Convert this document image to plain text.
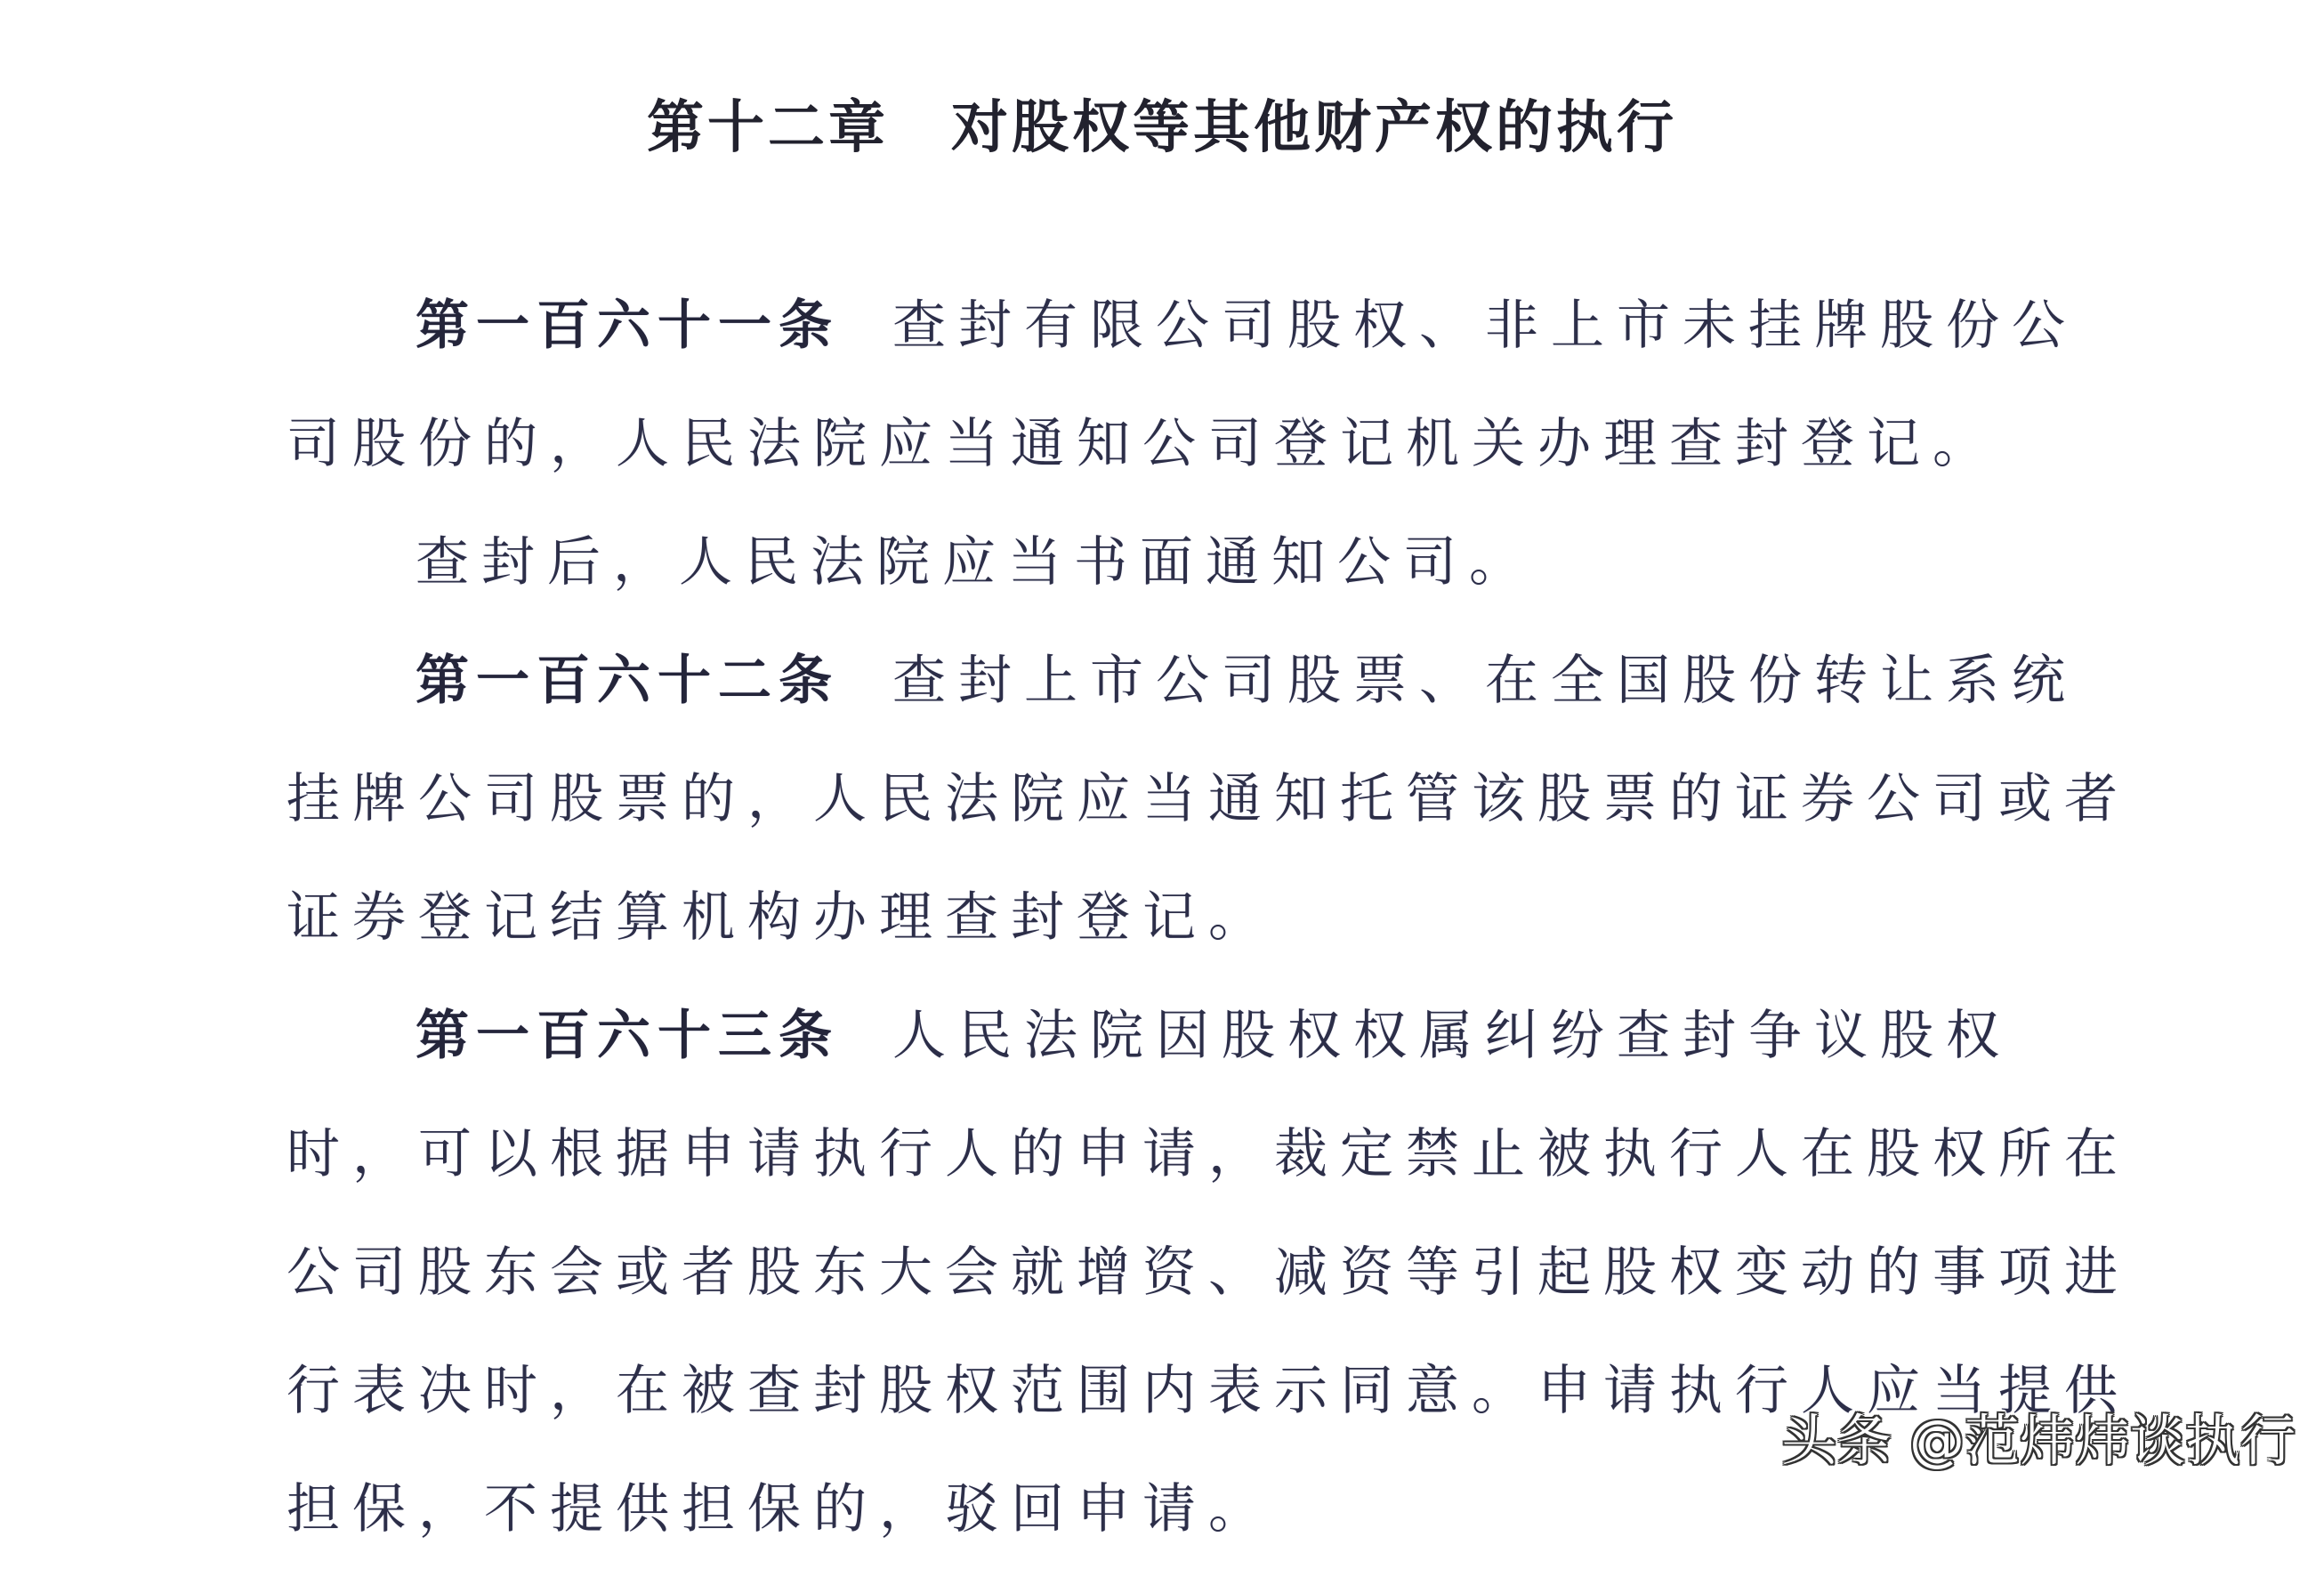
第十二章 对股权等其他财产权的执行
第一百六十一条 查封有限公司股权、非上市未挂牌股份公
司股份的，人民法院应当通知公司登记机关办理查封登记。
查封后，人民法院应当书面通知公司。
第一百六十二条 查封上市公司股票、在全国股份转让系统
挂牌公司股票的，人民法院应当通知托管该股票的证券公司或者
证券登记结算机构办理查封登记。
第一百六十三条 人民法院因股权权属纠纷查封争议股权
时，可以根据申请执行人的申请，裁定禁止被执行人在股权所在
公司股东会或者股东大会就增资、减资等引起股权变动的事项进
行表决时，在被查封股权范围内表示同意。申请执行人应当提供
担保，不提供担保的，驳回申请。
头条 @范炜炜谈执行
